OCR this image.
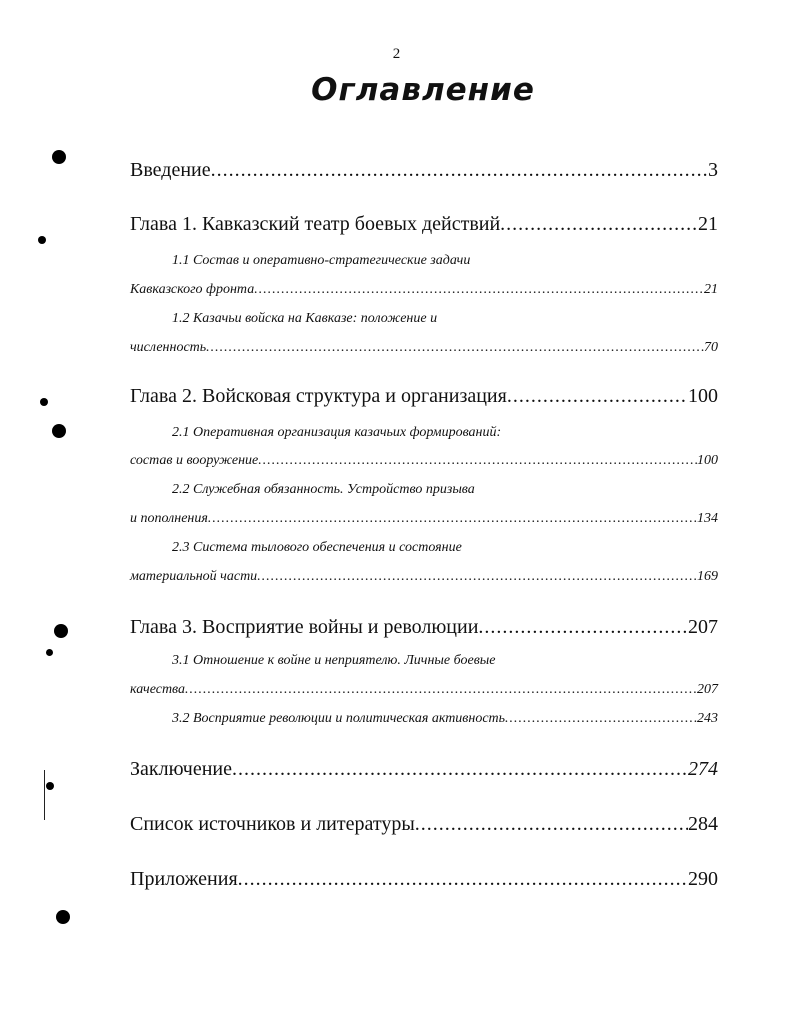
2
Оглавление
Введение .....	3
Глава 1. Кавказский театр боевых действий .....	21
1.1 Состав и оперативно-стратегические задачи
Кавказского фронта .....	21
1.2 Казачьи войска на Кавказе: положение и
численность .....	70
Глава 2. Войсковая структура и организация .....	100
2.1 Оперативная организация казачьих формирований:
состав и вооружение .....	100
2.2 Служебная обязанность. Устройство призыва
и пополнения .....	134
2.3 Система тылового обеспечения и состояние
материальной части .....	169
Глава 3. Восприятие войны и революции .....	207
3.1 Отношение к войне и неприятелю. Личные боевые
качества .....	207
3.2 Восприятие революции и политическая активность .....	243
Заключение .....	274
Список источников и литературы .....	284
Приложения .....	290
